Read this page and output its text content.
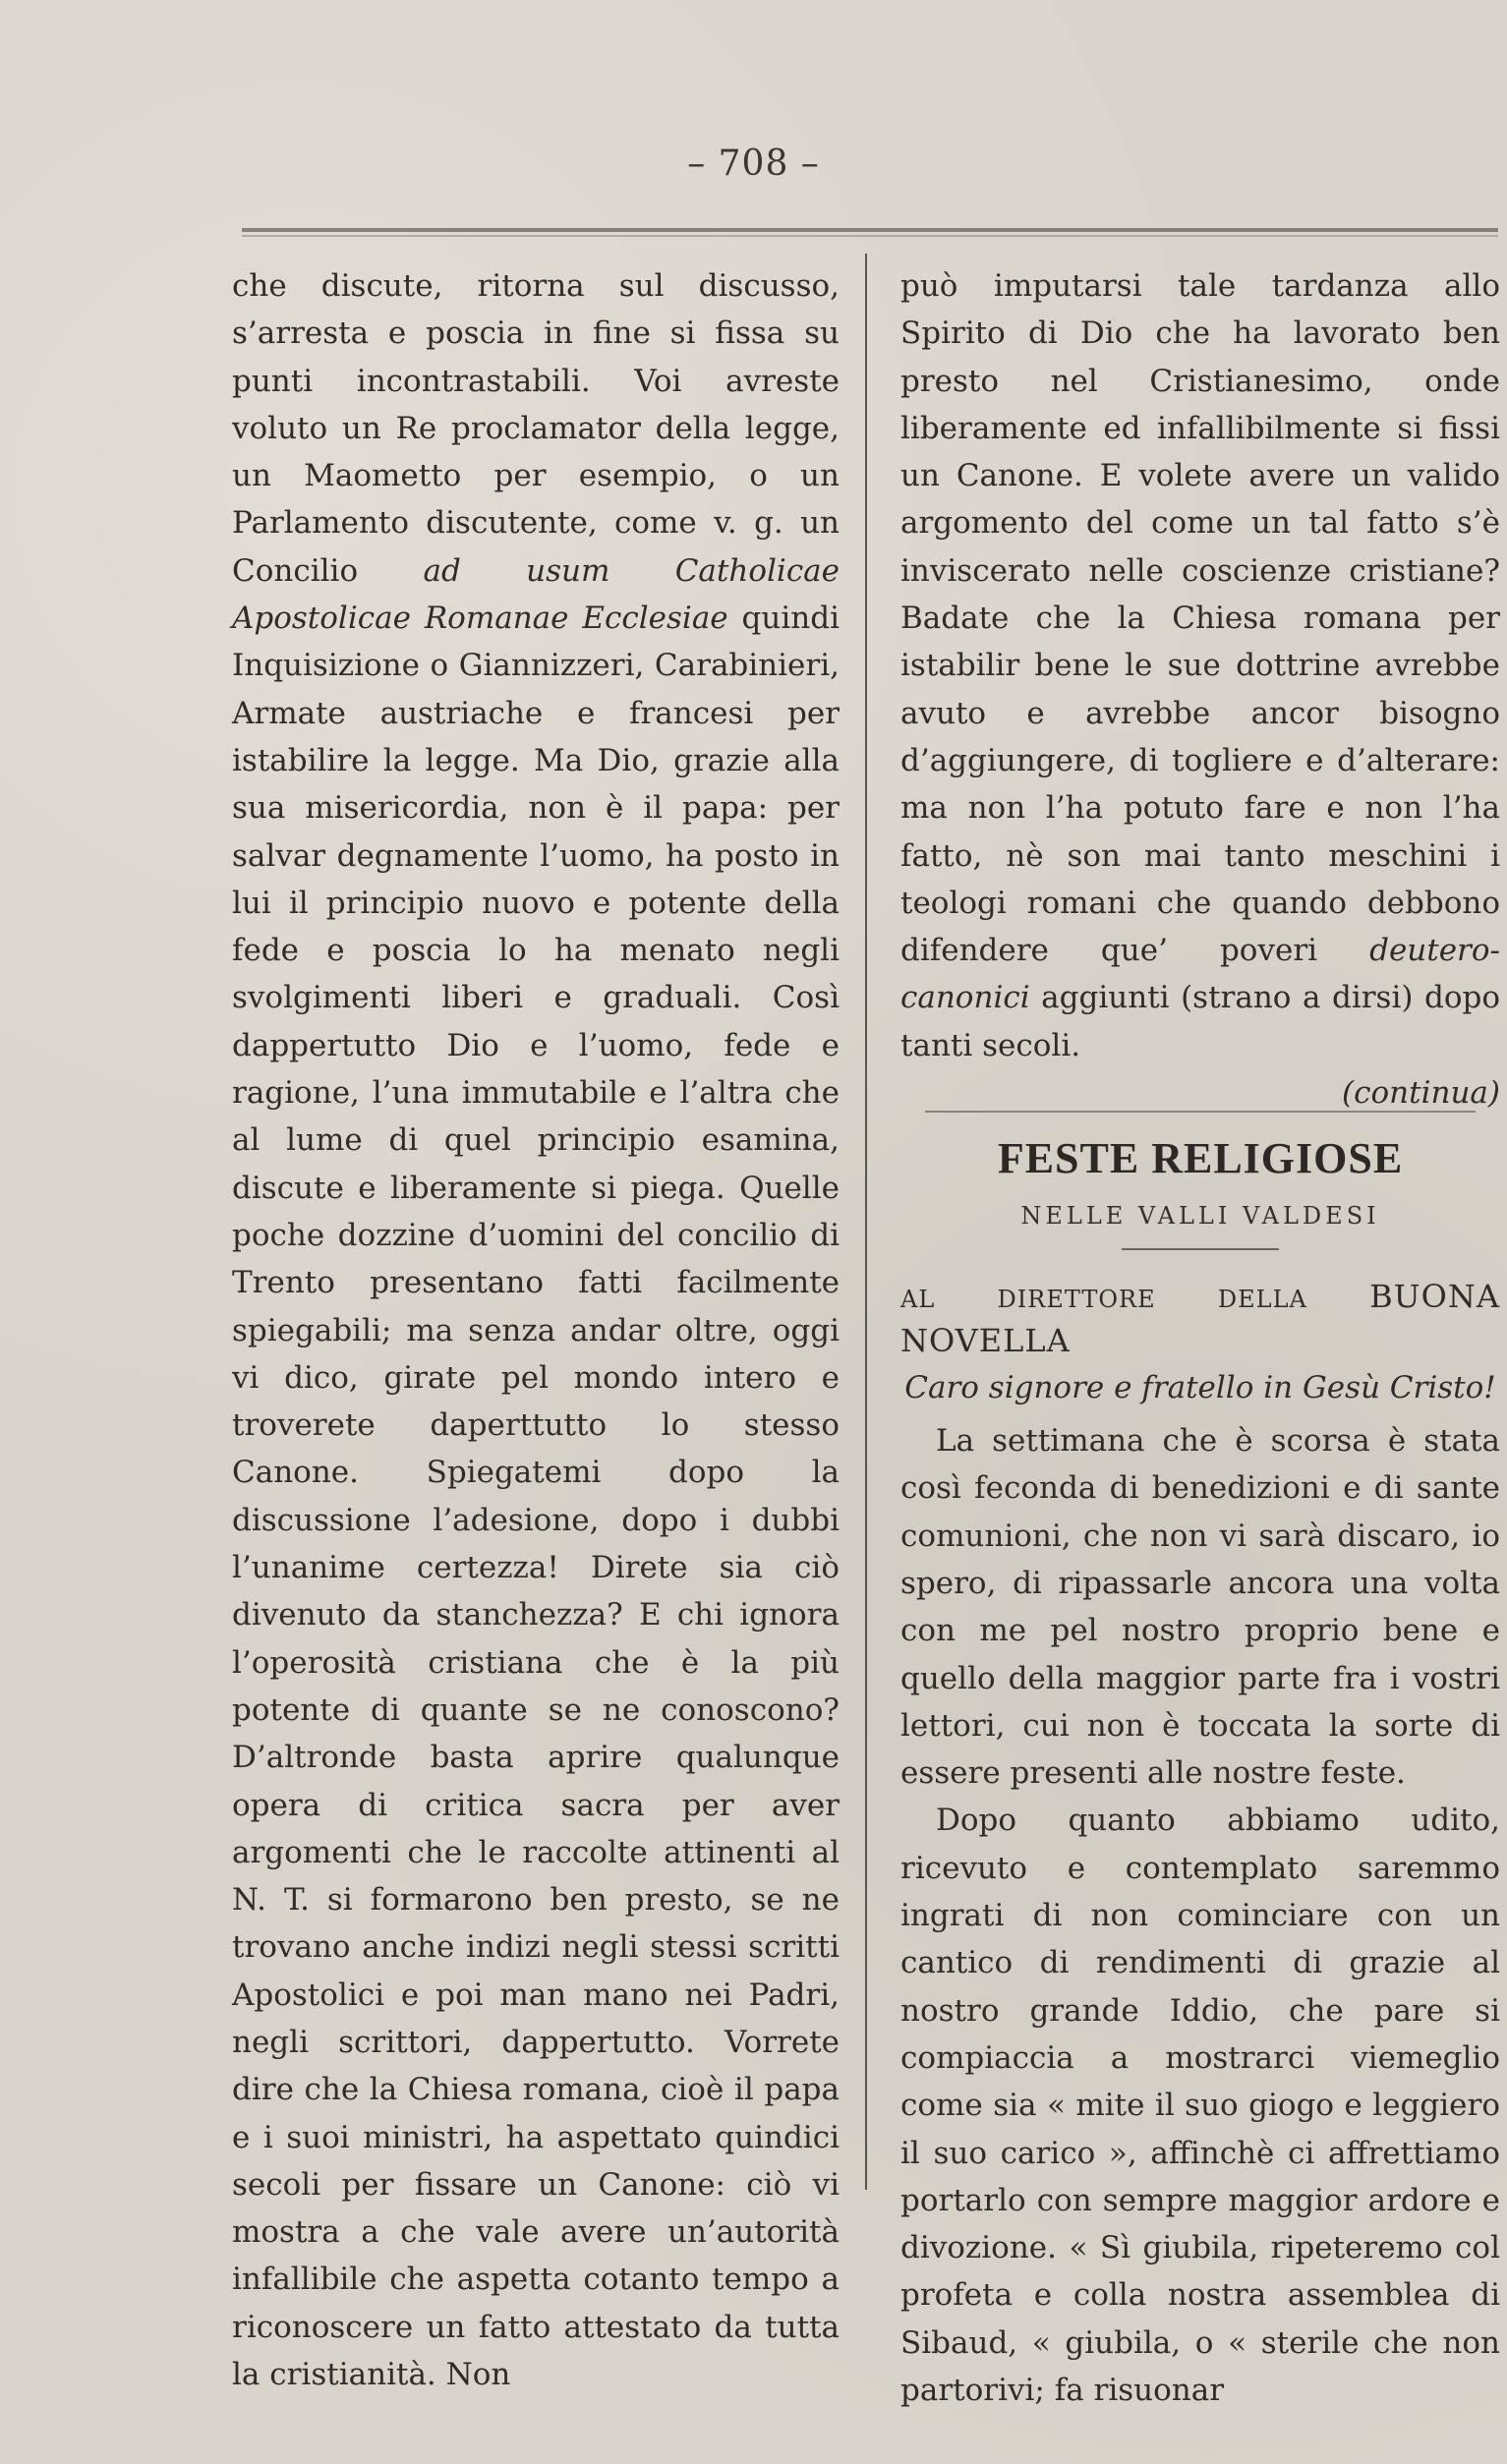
– 708 –

che discute, ritorna sul discusso, s’arresta e poscia in fine si fissa su punti incontrastabili. Voi avreste voluto un Re proclamator della legge, un Maometto per esempio, o un Parlamento discutente, come v. g. un Concilio ad usum Catholicae Apostolicae Romanae Ecclesiae quindi Inquisizione o Giannizzeri, Carabinieri, Armate austriache e francesi per istabilire la legge. Ma Dio, grazie alla sua misericordia, non è il papa: per salvar degnamente l’uomo, ha posto in lui il principio nuovo e potente della fede e poscia lo ha menato negli svolgimenti liberi e graduali. Così dappertutto Dio e l’uomo, fede e ragione, l’una immutabile e l’altra che al lume di quel principio esamina, discute e liberamente si piega. Quelle poche dozzine d’uomini del concilio di Trento presentano fatti facilmente spiegabili; ma senza andar oltre, oggi vi dico, girate pel mondo intero e troverete daperttutto lo stesso Canone. Spiegatemi dopo la discussione l’adesione, dopo i dubbi l’unanime certezza! Direte sia ciò divenuto da stanchezza? E chi ignora l’operosità cristiana che è la più potente di quante se ne conoscono? D’altronde basta aprire qualunque opera di critica sacra per aver argomenti che le raccolte attinenti al N. T. si formarono ben presto, se ne trovano anche indizi negli stessi scritti Apostolici e poi man mano nei Padri, negli scrittori, dappertutto. Vorrete dire che la Chiesa romana, cioè il papa e i suoi ministri, ha aspettato quindici secoli per fissare un Canone: ciò vi mostra a che vale avere un’autorità infallibile che aspetta cotanto tempo a riconoscere un fatto attestato da tutta la cristianità. Non

può imputarsi tale tardanza allo Spirito di Dio che ha lavorato ben presto nel Cristianesimo, onde liberamente ed infallibilmente si fissi un Canone. E volete avere un valido argomento del come un tal fatto s’è inviscerato nelle coscienze cristiane? Badate che la Chiesa romana per istabilir bene le sue dottrine avrebbe avuto e avrebbe ancor bisogno d’aggiungere, di togliere e d’alterare: ma non l’ha potuto fare e non l’ha fatto, nè son mai tanto meschini i teologi romani che quando debbono difendere que’ poveri deutero-canonici aggiunti (strano a dirsi) dopo tanti secoli.

(continua)

FESTE RELIGIOSE
NELLE VALLI VALDESI
AL DIRETTORE DELLA BUONA NOVELLA

Caro signore e fratello in Gesù Cristo!

La settimana che è scorsa è stata così feconda di benedizioni e di sante comunioni, che non vi sarà discaro, io spero, di ripassarle ancora una volta con me pel nostro proprio bene e quello della maggior parte fra i vostri lettori, cui non è toccata la sorte di essere presenti alle nostre feste.

Dopo quanto abbiamo udito, ricevuto e contemplato saremmo ingrati di non cominciare con un cantico di rendimenti di grazie al nostro grande Iddio, che pare si compiaccia a mostrarci viemeglio come sia « mite il suo giogo e leggiero il suo carico », affinchè ci affrettiamo portarlo con sempre maggior ardore e divozione. « Sì giubila, ripeteremo col profeta e colla nostra assemblea di Sibaud, « giubila, o « sterile che non partorivi; fa risuonar
